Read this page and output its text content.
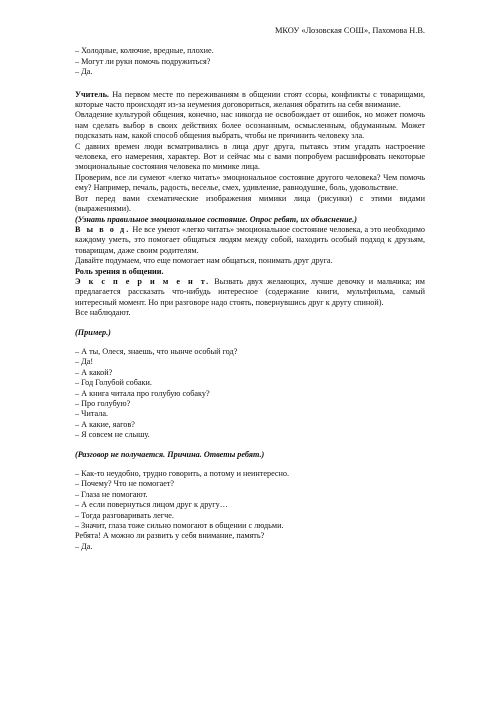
МКОУ «Лозовская СОШ», Пахомова Н.В.

– Холодные, колючие, вредные, плохие.

– Могут ли руки помочь подружиться?

– Да.

Учитель. На первом месте по переживаниям в общении стоят ссоры, конфликты с товарищами, которые часто происходят из-за неумения договориться, желания обратить на себя внимание.

Овладение культурой общения, конечно, нас никогда не освобождает от ошибок, но может помочь нам сделать выбор в своих действиях более осознанным, осмысленным, обдуманным. Может подсказать нам, какой способ общения выбрать, чтобы не причинить человеку зла.

С давних времен люди всматривались в лица друг друга, пытаясь этим угадать настроение человека, его намерения, характер. Вот и сейчас мы с вами попробуем расшифровать некоторые эмоциональные состояния человека по мимике лица.

Проверим, все ли сумеют «легко читать» эмоциональное состояние другого человека? Чем помочь ему? Например, печаль, радость, веселье, смех, удивление, равнодушие, боль, удовольствие.

Вот перед вами схематические изображения мимики лица (рисунки) с этими видами (выражениями).

(Узнать правильное эмоциональное состояние. Опрос ребят, их объяснение.)

В ы в о д. Не все умеют «легко читать» эмоциональное состояние человека, а это необходимо каждому уметь, это помогает общаться людям между собой, находить особый подход к друзьям, товарищам, даже своим родителям.

Давайте подумаем, что еще помогает нам общаться, понимать друг друга.

Роль зрения в общении.

Э к с п е р и м е н т. Вызвать двух желающих, лучше девочку и мальчика; им предлагается рассказать что-нибудь интересное (содержание книги, мультфильма, самый интересный момент. Но при разговоре надо стоять, повернувшись друг к другу спиной).

Все наблюдают.

(Пример.)

– А ты, Олеся, знаешь, что нынче особый год?

– Да!

– А какой?

– Год Голубой собаки.

– А книга читала про голубую собаку?

– Про голубую?

– Читала.

– А какие, яагов?

– Я совсем не слышу.

(Разговор не получается. Причина. Ответы ребят.)

– Как-то неудобно, трудно говорить, а потому и неинтересно.

– Почему? Что не помогает?

– Глаза не помогают.

– А если повернуться лицом друг к другу…

– Тогда разговаривать легче.

– Значит, глаза тоже сильно помогают в общении с людьми.

Ребята! А можно ли развить у себя внимание, память?

– Да.
